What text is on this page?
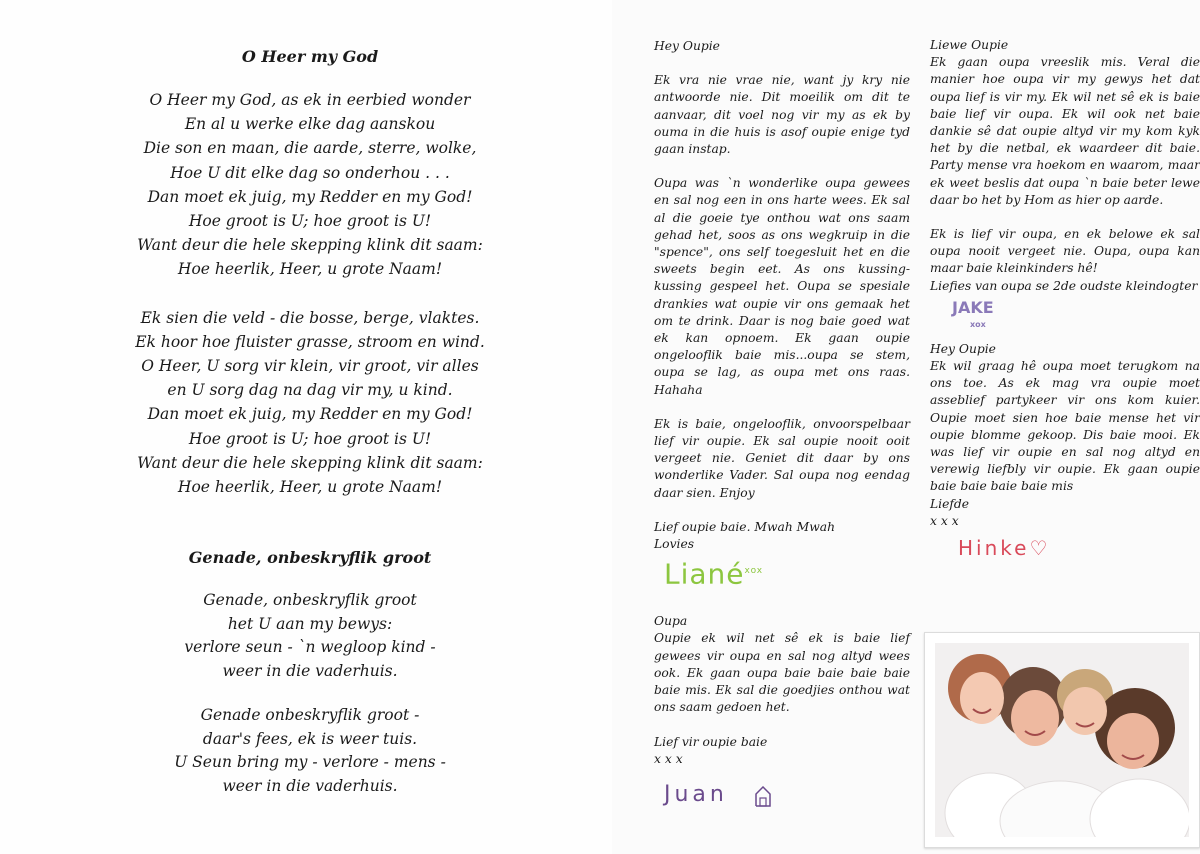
O Heer my God
O Heer my God, as ek in eerbied wonder
En al u werke elke dag aanskou
Die son en maan, die aarde, sterre, wolke,
Hoe U dit elke dag so onderhou . . .
Dan moet ek juig, my Redder en my God!
Hoe groot is U; hoe groot is U!
Want deur die hele skepping klink dit saam:
Hoe heerlik, Heer, u grote Naam!
Ek sien die veld - die bosse, berge, vlaktes.
Ek hoor hoe fluister grasse, stroom en wind.
O Heer, U sorg vir klein, vir groot, vir alles
en U sorg dag na dag vir my, u kind.
Dan moet ek juig, my Redder en my God!
Hoe groot is U; hoe groot is U!
Want deur die hele skepping klink dit saam:
Hoe heerlik, Heer, u grote Naam!
Genade, onbeskryflik groot
Genade, onbeskryflik groot
het U aan my bewys:
verlore seun - `n wegloop kind -
weer in die vaderhuis.
Genade onbeskryflik groot -
daar's fees, ek is weer tuis.
U Seun bring my - verlore - mens -
weer in die vaderhuis.

Hey Oupie

Ek vra nie vrae nie, want jy kry nie antwoorde nie. Dit moeilik om dit te aanvaar, dit voel nog vir my as ek by ouma in die huis is asof oupie enige tyd gaan instap.

Oupa was `n wonderlike oupa gewees en sal nog een in ons harte wees. Ek sal al die goeie tye onthou wat ons saam gehad het, soos as ons wegkruip in die "spence", ons self toegesluit het en die sweets begin eet. As ons kussing-kussing gespeel het. Oupa se spesiale drankies wat oupie vir ons gemaak het om te drink. Daar is nog baie goed wat ek kan opnoem. Ek gaan oupie ongelooflik baie mis...oupa se stem, oupa se lag, as oupa met ons raas. Hahaha

Ek is baie, ongelooflik, onvoorspelbaar lief vir oupie. Ek sal oupie nooit ooit vergeet nie. Geniet dit daar by ons wonderlike Vader. Sal oupa nog eendag daar sien. Enjoy

Lief oupie baie. Mwah Mwah

Lovies

Liané$^{xox}$

Oupa

Oupie ek wil net sê ek is baie lief gewees vir oupa en sal nog altyd wees ook. Ek gaan oupa baie baie baie baie baie mis. Ek sal die goedjies onthou wat ons saam gedoen het.

Lief vir oupie baie

x x x

Juan

Liewe Oupie

Ek gaan oupa vreeslik mis. Veral die manier hoe oupa vir my gewys het dat oupa lief is vir my. Ek wil net sê ek is baie baie lief vir oupa. Ek wil ook net baie dankie sê dat oupie altyd vir my kom kyk het by die netbal, ek waardeer dit baie. Party mense vra hoekom en waarom, maar ek weet beslis dat oupa `n baie beter lewe daar bo het by Hom as hier op aarde.

Ek is lief vir oupa, en ek belowe ek sal oupa nooit vergeet nie. Oupa, oupa kan maar baie kleinkinders hê!

Liefies van oupa se 2de oudste kleindogter

JAKE
xox

Hey Oupie

Ek wil graag hê oupa moet terugkom na ons toe. As ek mag vra oupie moet asseblief partykeer vir ons kom kuier. Oupie moet sien hoe baie mense het vir oupie blomme gekoop. Dis baie mooi. Ek was lief vir oupie en sal nog altyd en verewig liefbly vir oupie. Ek gaan oupie baie baie baie baie mis

Liefde

x x x

Hinke♡
